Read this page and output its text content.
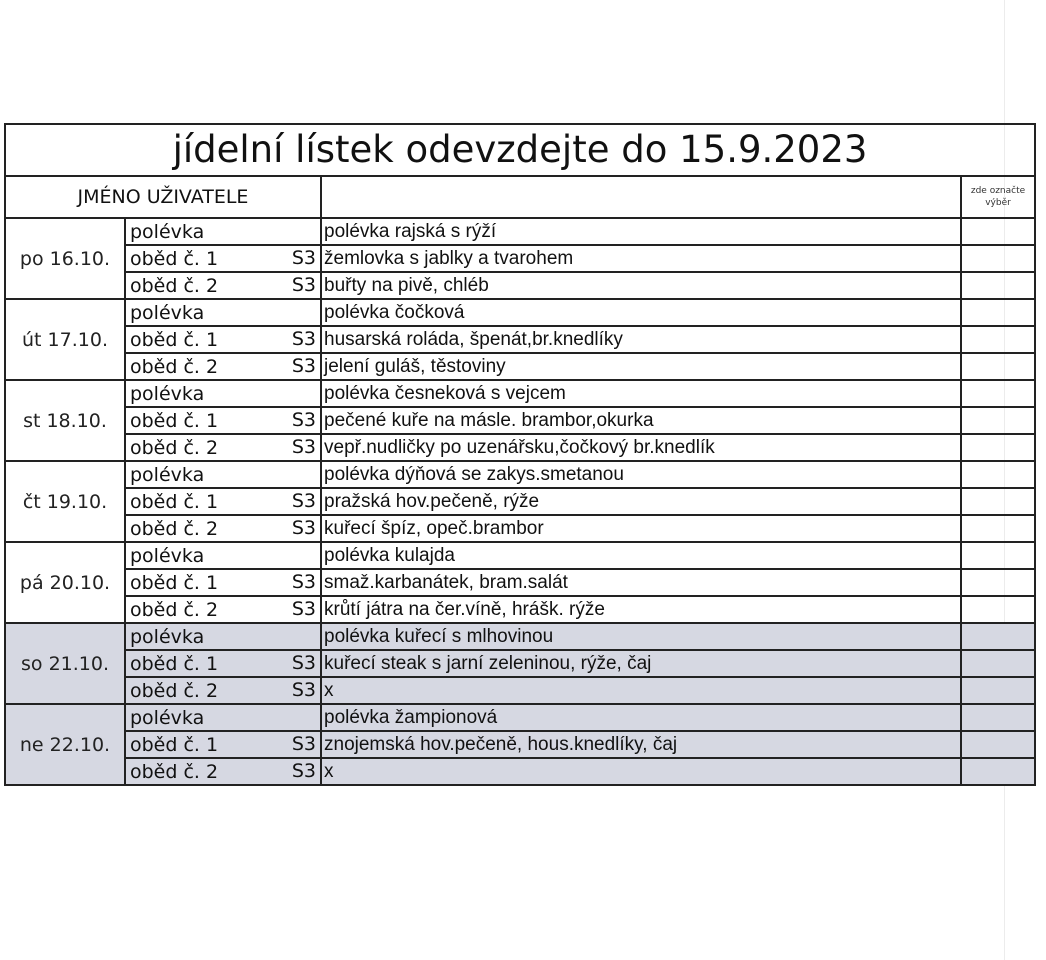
jídelní lístek odevzdejte do 15.9.2023			
JMÉNO UŽIVATELE			zde označte výběr
po 16.10.	polévka	polévka rajská s rýží	
	oběd č. 1 S3	žemlovka s jablky a tvarohem	
	oběd č. 2 S3	buřty na pivě, chléb	
út 17.10.	polévka	polévka čočková	
	oběd č. 1 S3	husarská roláda, špenát,br.knedlíky	
	oběd č. 2 S3	jelení guláš, těstoviny	
st 18.10.	polévka	polévka česneková s vejcem	
	oběd č. 1 S3	pečené kuře na másle. brambor,okurka	
	oběd č. 2 S3	vepř.nudličky po uzenářsku,čočkový br.knedlík	
čt 19.10.	polévka	polévka dýňová se zakys.smetanou	
	oběd č. 1 S3	pražská hov.pečeně, rýže	
	oběd č. 2 S3	kuřecí špíz, opeč.brambor	
pá 20.10.	polévka	polévka kulajda	
	oběd č. 1 S3	smaž.karbanátek, bram.salát	
	oběd č. 2 S3	krůtí játra na čer.víně, hrášk. rýže	
so 21.10.	polévka	polévka kuřecí s mlhovinou	
	oběd č. 1 S3	kuřecí steak s jarní zeleninou, rýže, čaj	
	oběd č. 2 S3	x	
ne 22.10.	polévka	polévka žampionová	
	oběd č. 1 S3	znojemská hov.pečeně, hous.knedlíky, čaj	
	oběd č. 2 S3	x	
